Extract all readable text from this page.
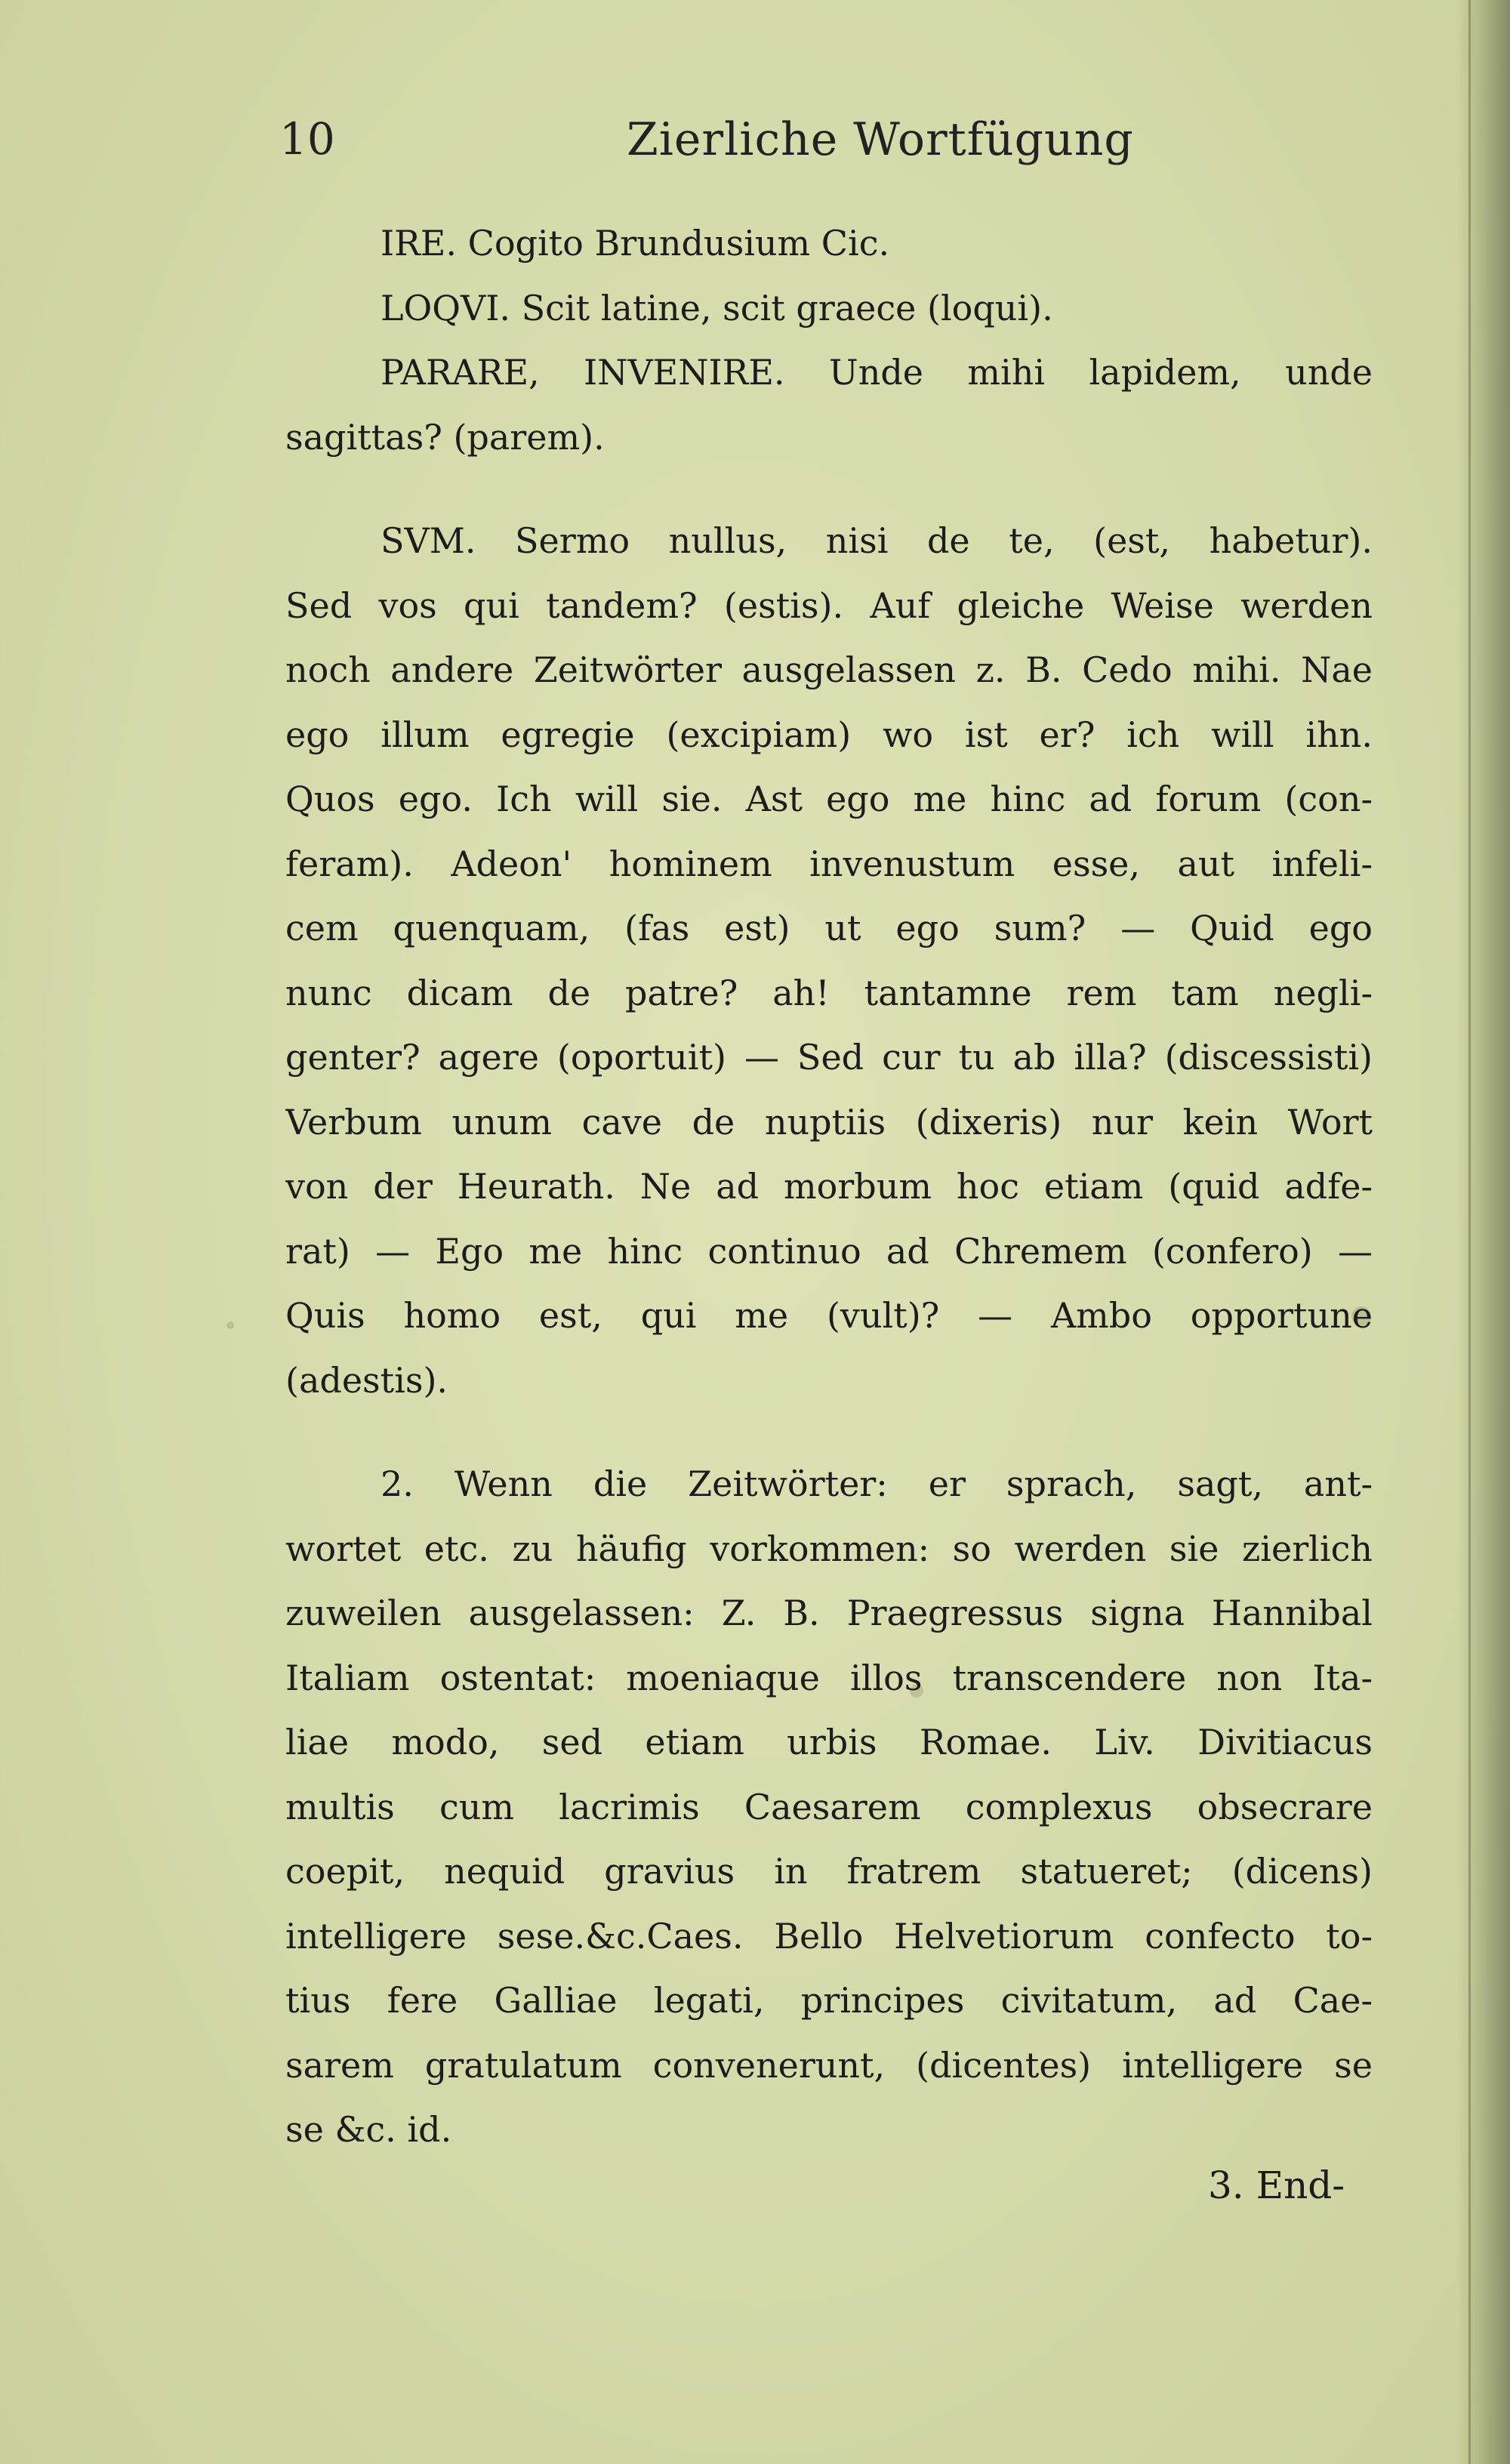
10	Zierliche Wortfügung
IRE. Cogito Brundusium Cic.
LOQVI. Scit latine, scit graece (loqui).
PARARE, INVENIRE. Unde mihi lapidem, unde
sagittas? (parem).
SVM. Sermo nullus, nisi de te, (est, habetur).
Sed vos qui tandem? (estis). Auf gleiche Weise werden
noch andere Zeitwörter ausgelassen z. B. Cedo mihi. Nae
ego illum egregie (excipiam) wo ist er? ich will ihn.
Quos ego. Ich will sie. Ast ego me hinc ad forum (con-
feram). Adeon' hominem invenustum esse, aut infeli-
cem quenquam, (fas est) ut ego sum? — Quid ego
nunc dicam de patre? ah! tantamne rem tam negli-
genter? agere (oportuit) — Sed cur tu ab illa? (discessisti)
Verbum unum cave de nuptiis (dixeris) nur kein Wort
von der Heurath. Ne ad morbum hoc etiam (quid adfe-
rat) — Ego me hinc continuo ad Chremem (confero) —
Quis homo est, qui me (vult)? — Ambo opportune
(adestis).
2. Wenn die Zeitwörter: er sprach, sagt, ant-
wortet etc. zu häufig vorkommen: so werden sie zierlich
zuweilen ausgelassen: Z. B. Praegressus signa Hannibal
Italiam ostentat: moeniaque illos transcendere non Ita-
liae modo, sed etiam urbis Romae. Liv. Divitiacus
multis cum lacrimis Caesarem complexus obsecrare
coepit, nequid gravius in fratrem statueret; (dicens)
intelligere sese.&c.Caes. Bello Helvetiorum confecto to-
tius fere Galliae legati, principes civitatum, ad Cae-
sarem gratulatum convenerunt, (dicentes) intelligere se
se &c. id.
3. End-
